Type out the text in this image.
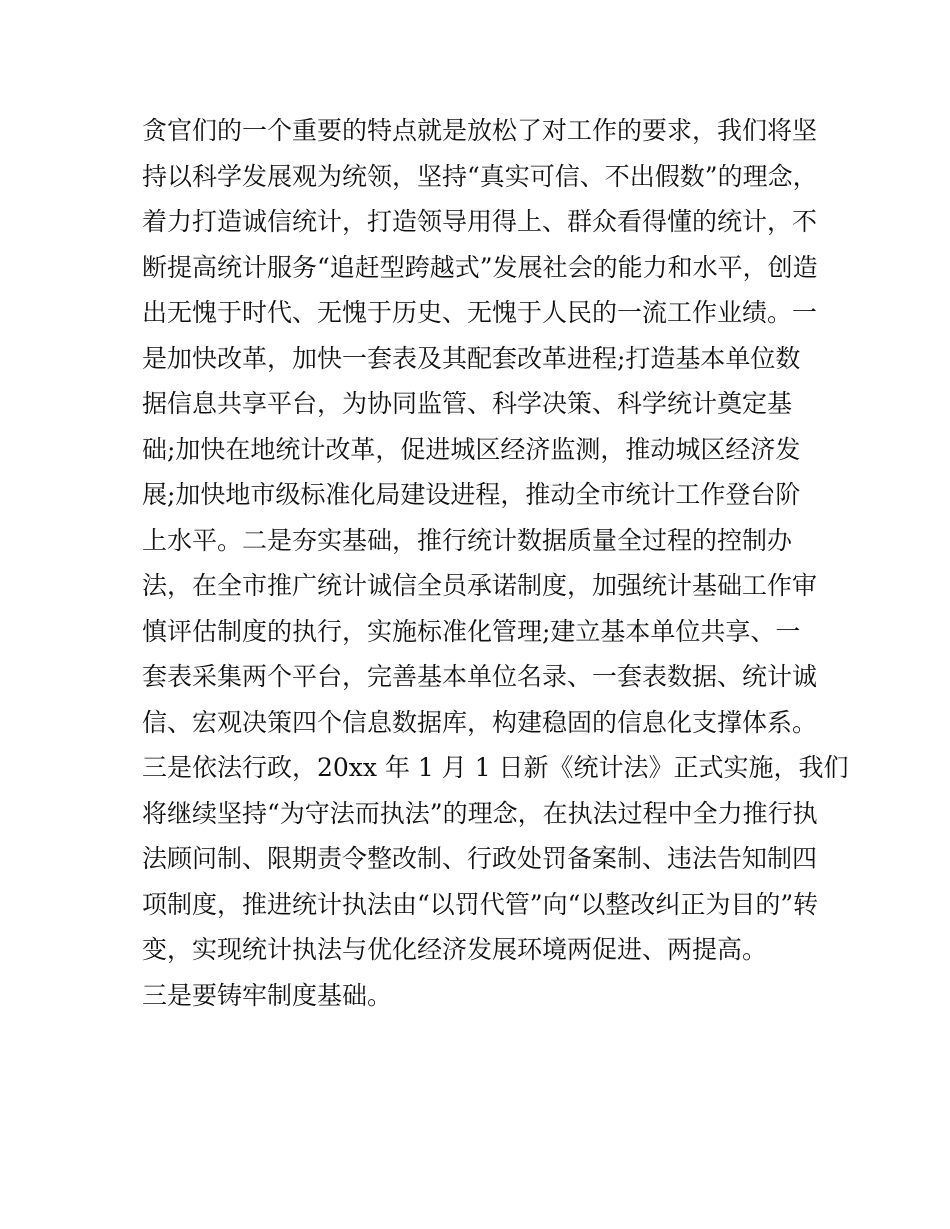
贪官们的一个重要的特点就是放松了对工作的要求，我们将坚

持以科学发展观为统领，坚持“真实可信、不出假数”的理念，

着力打造诚信统计，打造领导用得上、群众看得懂的统计，不

断提高统计服务“追赶型跨越式”发展社会的能力和水平，创造

出无愧于时代、无愧于历史、无愧于人民的一流工作业绩。一

是加快改革，加快一套表及其配套改革进程;打造基本单位数

据信息共享平台，为协同监管、科学决策、科学统计奠定基

础;加快在地统计改革，促进城区经济监测，推动城区经济发

展;加快地市级标准化局建设进程，推动全市统计工作登台阶

上水平。二是夯实基础，推行统计数据质量全过程的控制办

法，在全市推广统计诚信全员承诺制度，加强统计基础工作审

慎评估制度的执行，实施标准化管理;建立基本单位共享、一

套表采集两个平台，完善基本单位名录、一套表数据、统计诚

信、宏观决策四个信息数据库，构建稳固的信息化支撑体系。

三是依法行政，20xx 年 1 月 1 日新《统计法》正式实施，我们

将继续坚持“为守法而执法”的理念，在执法过程中全力推行执

法顾问制、限期责令整改制、行政处罚备案制、违法告知制四

项制度，推进统计执法由“以罚代管”向“以整改纠正为目的”转

变，实现统计执法与优化经济发展环境两促进、两提高。

三是要铸牢制度基础。
